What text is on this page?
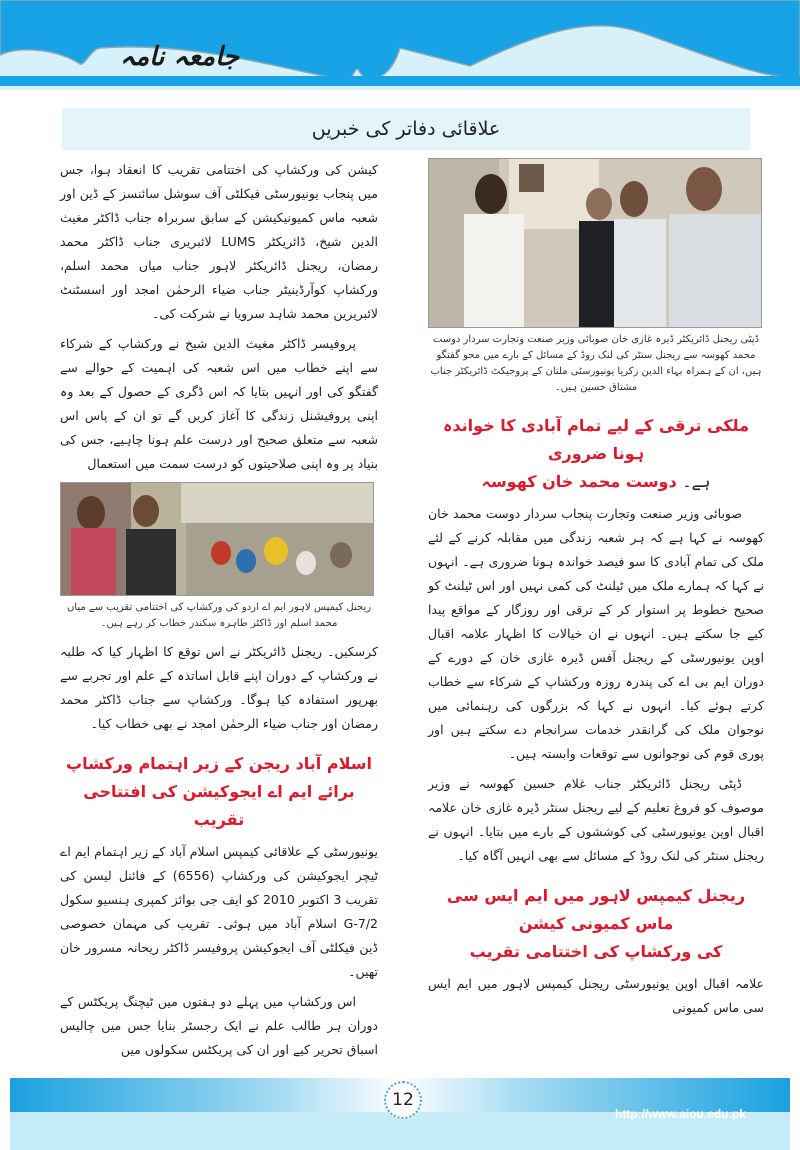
جامعہ نامہ
علاقائی دفاتر کی خبریں

کیشن کی ورکشاپ کی اختتامی تقریب کا انعقاد ہوا، جس میں پنجاب یونیورسٹی فیکلٹی آف سوشل سائنسز کے ڈین اور شعبہ ماس کمیونیکیشن کے سابق سربراہ جناب ڈاکٹر مغیث الدین شیخ، ڈائریکٹر LUMS لائبریری جناب ڈاکٹر محمد رمضان، ریجنل ڈائریکٹر لاہور جناب میاں محمد اسلم، ورکشاپ کوآرڈینیٹر جناب ضیاء الرحمٰن امجد اور اسسٹنٹ لائبریرین محمد شاہد سرویا نے شرکت کی۔

پروفیسر ڈاکٹر مغیث الدین شیخ نے ورکشاپ کے شرکاء سے اپنے خطاب میں اس شعبہ کی اہمیت کے حوالے سے گفتگو کی اور انہیں بتایا کہ اس ڈگری کے حصول کے بعد وہ اپنی پروفیشنل زندگی کا آغاز کریں گے تو ان کے پاس اس شعبہ سے متعلق صحیح اور درست علم ہونا چاہیے، جس کی بنیاد پر وہ اپنی صلاحیتوں کو درست سمت میں استعمال

ریجنل کیمپس لاہور ایم اے اردو کی ورکشاپ کی اختتامی تقریب سے میاں محمد اسلم اور ڈاکٹر طاہرہ سکندر خطاب کر رہے ہیں۔

کرسکیں۔ ریجنل ڈائریکٹر نے اس توقع کا اظہار کیا کہ طلبہ نے ورکشاپ کے دوران اپنے قابل اساتذہ کے علم اور تجربے سے بھرپور استفادہ کیا ہوگا۔ ورکشاپ سے جناب ڈاکٹر محمد رمضان اور جناب ضیاء الرحمٰن امجد نے بھی خطاب کیا۔

اسلام آباد ریجن کے زیر اہتمام ورکشاپ
برائے ایم اے ایجوکیشن کی افتتاحی تقریب

یونیورسٹی کے علاقائی کیمپس اسلام آباد کے زیر اہتمام ایم اے ٹیچر ایجوکیشن کی ورکشاپ (6556) کے فائنل لیسن کی تقریب 3 اکتوبر 2010 کو ایف جی بوائز کمپری ہنسیو سکول G-7/2 اسلام آباد میں ہوئی۔ تقریب کی مہمان خصوصی ڈین فیکلٹی آف ایجوکیشن پروفیسر ڈاکٹر ریحانہ مسرور خان تھیں۔

اس ورکشاپ میں پہلے دو ہفتوں میں ٹیچنگ پریکٹس کے دوران ہر طالب علم نے ایک رجسٹر بنایا جس میں چالیس اسباق تحریر کیے اور ان کی پریکٹس سکولوں میں

ڈپٹی ریجنل ڈائریکٹر ڈیرہ غازی خان صوبائی وزیر صنعت وتجارت سردار دوست محمد کھوسہ سے ریجنل سنٹر کی لنک روڈ کے مسائل کے بارے میں محو گفتگو ہیں، ان کے ہمراہ بہاء الدین زکریا یونیورسٹی ملتان کے پروجیکٹ ڈائریکٹر جناب مشتاق حسین ہیں۔
ملکی ترقی کے لیے تمام آبادی کا خواندہ ہونا ضروری
ہے۔ دوست محمد خان کھوسہ

صوبائی وزیر صنعت وتجارت پنجاب سردار دوست محمد خان کھوسہ نے کہا ہے کہ ہر شعبہ زندگی میں مقابلہ کرنے کے لئے ملک کی تمام آبادی کا سو فیصد خواندہ ہونا ضروری ہے۔ انہوں نے کہا کہ ہمارے ملک میں ٹیلنٹ کی کمی نہیں اور اس ٹیلنٹ کو صحیح خطوط پر استوار کر کے ترقی اور روزگار کے مواقع پیدا کیے جا سکتے ہیں۔ انہوں نے ان خیالات کا اظہار علامہ اقبال اوپن یونیورسٹی کے ریجنل آفس ڈیرہ غازی خان کے دورے کے دوران ایم بی اے کی پندرہ روزہ ورکشاپ کے شرکاء سے خطاب کرتے ہوئے کیا۔ انہوں نے کہا کہ بزرگوں کی رہنمائی میں نوجوان ملک کی گرانقدر خدمات سرانجام دے سکتے ہیں اور پوری قوم کی نوجوانوں سے توقعات وابستہ ہیں۔

ڈپٹی ریجنل ڈائریکٹر جناب غلام حسین کھوسہ نے وزیر موصوف کو فروغ تعلیم کے لیے ریجنل سنٹر ڈیرہ غازی خان علامہ اقبال اوپن یونیورسٹی کی کوششوں کے بارے میں بتایا۔ انہوں نے ریجنل سنٹر کی لنک روڈ کے مسائل سے بھی انہیں آگاہ کیا۔

ریجنل کیمپس لاہور میں ایم ایس سی ماس کمیونی کیشن
کی ورکشاپ کی اختتامی تقریب

علامہ اقبال اوپن یونیورسٹی ریجنل کیمپس لاہور میں ایم ایس سی ماس کمیونی

12
http://www.aiou.edu.pk
